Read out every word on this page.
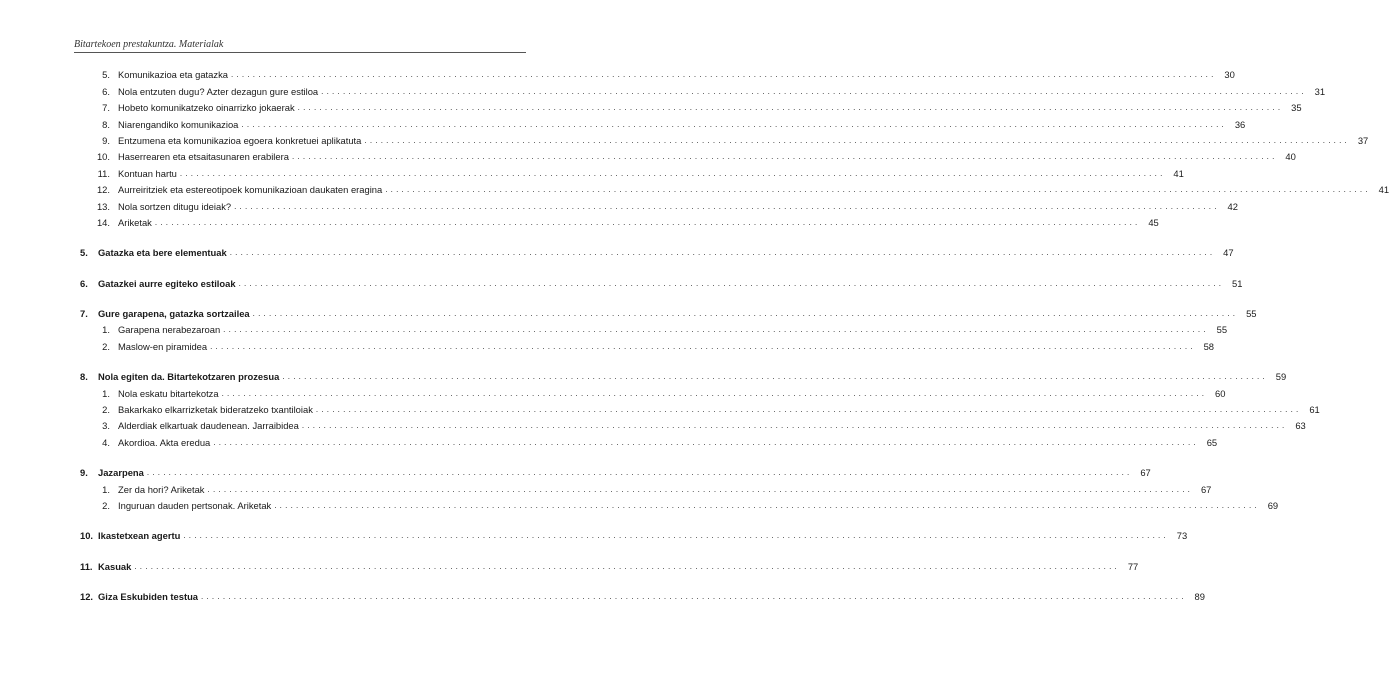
Bitartekoen prestakuntza. Materialak
5. Komunikazioa eta gatazka . . .	30
6. Nola entzuten dugu? Azter dezagun gure estiloa . . .	31
7. Hobeto komunikatzeko oinarrizko jokaerak . . .	35
8. Niarengandiko komunikazioa . . .	36
9. Entzumena eta komunikazioa egoera konkretuei aplikatuta . . .	37
10. Haserrearen eta etsaitasunaren erabilera . . .	40
11. Kontuan hartu . . .	41
12. Aurreiritziek eta estereotipoek komunikazioan daukaten eragina . . .	41
13. Nola sortzen ditugu ideiak? . . .	42
14. Ariketak . . .	45
5.	Gatazka eta bere elementuak . . .	47
6.	Gatazkei aurre egiteko estiloak . . .	51
7.	Gure garapena, gatazka sortzailea . . .	55
1. Garapena nerabezaroan . . .	55
2. Maslow-en piramidea . . .	58
8.	Nola egiten da. Bitartekotzaren prozesua . . .	59
1. Nola eskatu bitartekotza . . .	60
2. Bakarkako elkarrizketak bideratzeko txantiloiak . . .	61
3. Alderdiak elkartuak daudenean. Jarraibidea . . .	63
4. Akordioa. Akta eredua . . .	65
9.	Jazarpena . . .	67
1. Zer da hori? Ariketak . . .	67
2. Inguruan dauden pertsonak. Ariketak . . .	69
10. Ikastetxean agertu . . .	73
11. Kasuak . . .	77
12. Giza Eskubiden testua . . .	89
